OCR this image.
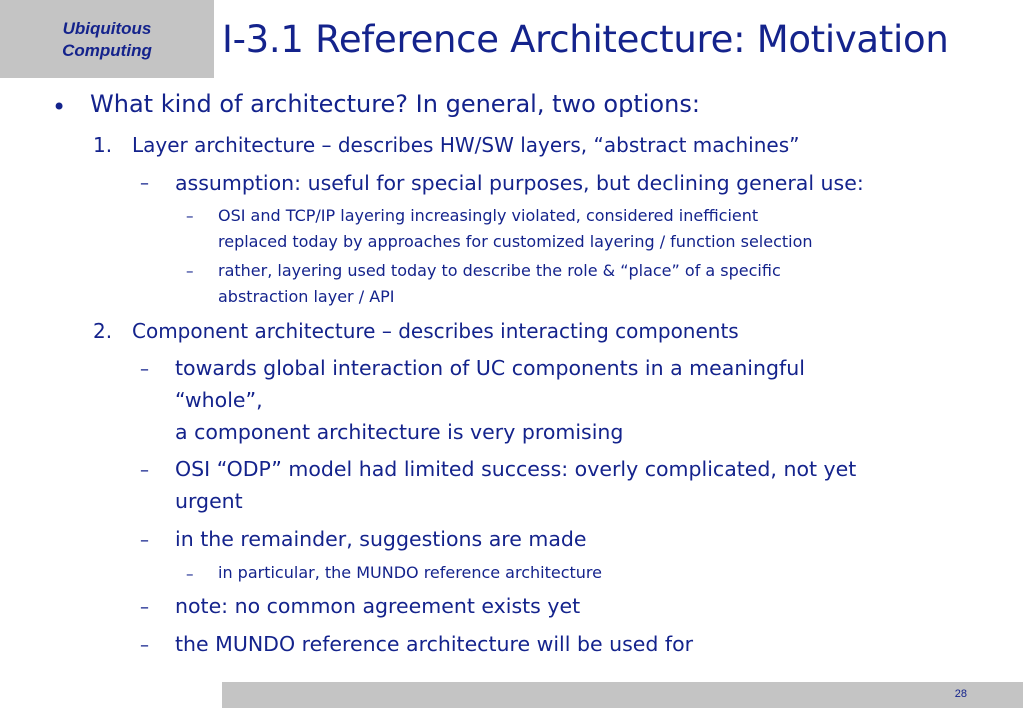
Ubiquitous
Computing	I-3.1 Reference Architecture: Motivation
• What kind of architecture? In general, two options:
1. Layer architecture – describes HW/SW layers, “abstract machines”
– assumption: useful for special purposes, but declining general use:
– OSI and TCP/IP layering increasingly violated, considered inefficient
replaced today by approaches for customized layering / function selection
– rather, layering used today to describe the role & “place” of a specific
abstraction layer / API
2. Component architecture – describes interacting components
– towards global interaction of UC components in a meaningful
“whole”,
a component architecture is very promising
– OSI “ODP” model had limited success: overly complicated, not yet
urgent
– in the remainder, suggestions are made
– in particular, the MUNDO reference architecture
– note: no common agreement exists yet
– the MUNDO reference architecture will be used for
28
